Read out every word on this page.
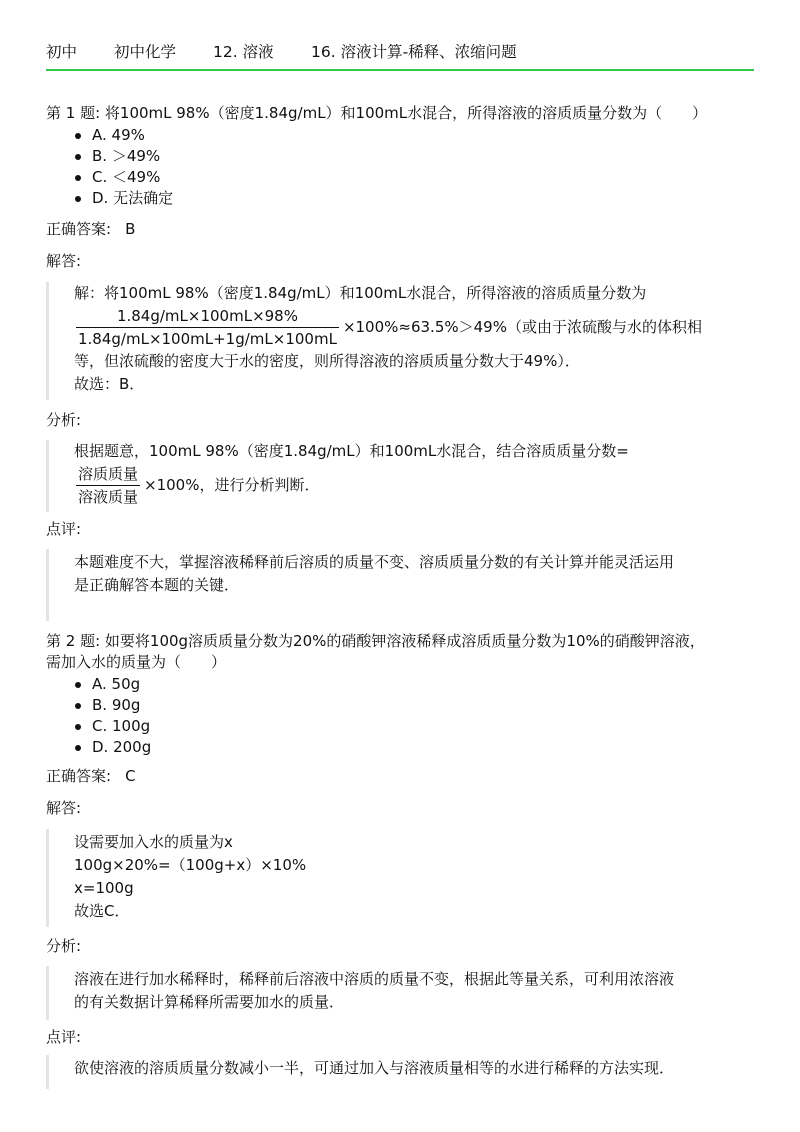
初中	初中化学	12. 溶液	16. 溶液计算-稀释、浓缩问题
第 1 题: 将100mL 98%（密度1.84g/mL）和100mL水混合，所得溶液的溶质质量分数为（　　）
A. 49%
B. ＞49%
C. ＜49%
D. 无法确定
正确答案: B
解答:
解：将100mL 98%（密度1.84g/mL）和100mL水混合，所得溶液的溶质质量分数为
$\frac{1.84g/mL\times 100mL\times 98\%}{1.84g/mL\times 100mL+1g/mL\times 100mL} \times 100\%\approx 63.5\%>49\%$（或由于浓硫酸与水的体积相
等，但浓硫酸的密度大于水的密度，则所得溶液的溶质质量分数大于49%）．
故选：B．
分析:
根据题意，100mL 98%（密度1.84g/mL）和100mL水混合，结合溶质质量分数=
$\frac{\text{溶质质量}}{\text{溶液质量}} \times 100\%$，进行分析判断．
点评:
本题难度不大，掌握溶液稀释前后溶质的质量不变、溶质质量分数的有关计算并能灵活运用
是正确解答本题的关键．
第 2 题: 如要将100g溶质质量分数为20%的硝酸钾溶液稀释成溶质质量分数为10%的硝酸钾溶液，
需加入水的质量为（　　）
A. 50g
B. 90g
C. 100g
D. 200g
正确答案: C
解答:
设需要加入水的质量为x
100g×20%=（100g+x）×10%
x=100g
故选C．
分析:
溶液在进行加水稀释时，稀释前后溶液中溶质的质量不变，根据此等量关系，可利用浓溶液
的有关数据计算稀释所需要加水的质量．
点评:
欲使溶液的溶质质量分数减小一半，可通过加入与溶液质量相等的水进行稀释的方法实现．
